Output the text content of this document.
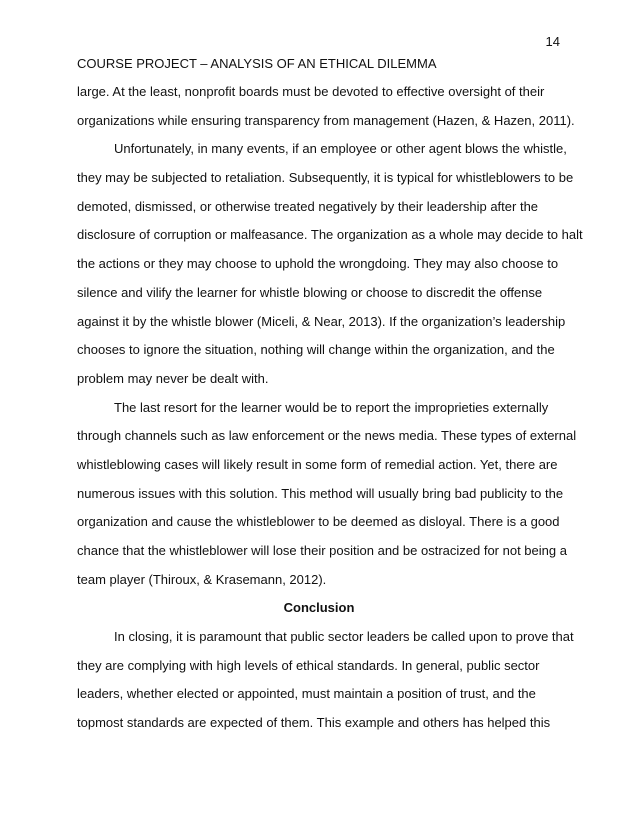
14
COURSE PROJECT – ANALYSIS OF AN ETHICAL DILEMMA
large. At the least, nonprofit boards must be devoted to effective oversight of their
organizations while ensuring transparency from management (Hazen, & Hazen, 2011).
Unfortunately, in many events, if an employee or other agent blows the whistle,
they may be subjected to retaliation. Subsequently, it is typical for whistleblowers to be
demoted, dismissed, or otherwise treated negatively by their leadership after the
disclosure of corruption or malfeasance. The organization as a whole may decide to halt
the actions or they may choose to uphold the wrongdoing. They may also choose to
silence and vilify the learner for whistle blowing or choose to discredit the offense
against it by the whistle blower (Miceli, & Near, 2013). If the organization’s leadership
chooses to ignore the situation, nothing will change within the organization, and the
problem may never be dealt with.
The last resort for the learner would be to report the improprieties externally
through channels such as law enforcement or the news media. These types of external
whistleblowing cases will likely result in some form of remedial action. Yet, there are
numerous issues with this solution. This method will usually bring bad publicity to the
organization and cause the whistleblower to be deemed as disloyal. There is a good
chance that the whistleblower will lose their position and be ostracized for not being a
team player (Thiroux, & Krasemann, 2012).
Conclusion
In closing, it is paramount that public sector leaders be called upon to prove that
they are complying with high levels of ethical standards. In general, public sector
leaders, whether elected or appointed, must maintain a position of trust, and the
topmost standards are expected of them. This example and others has helped this
